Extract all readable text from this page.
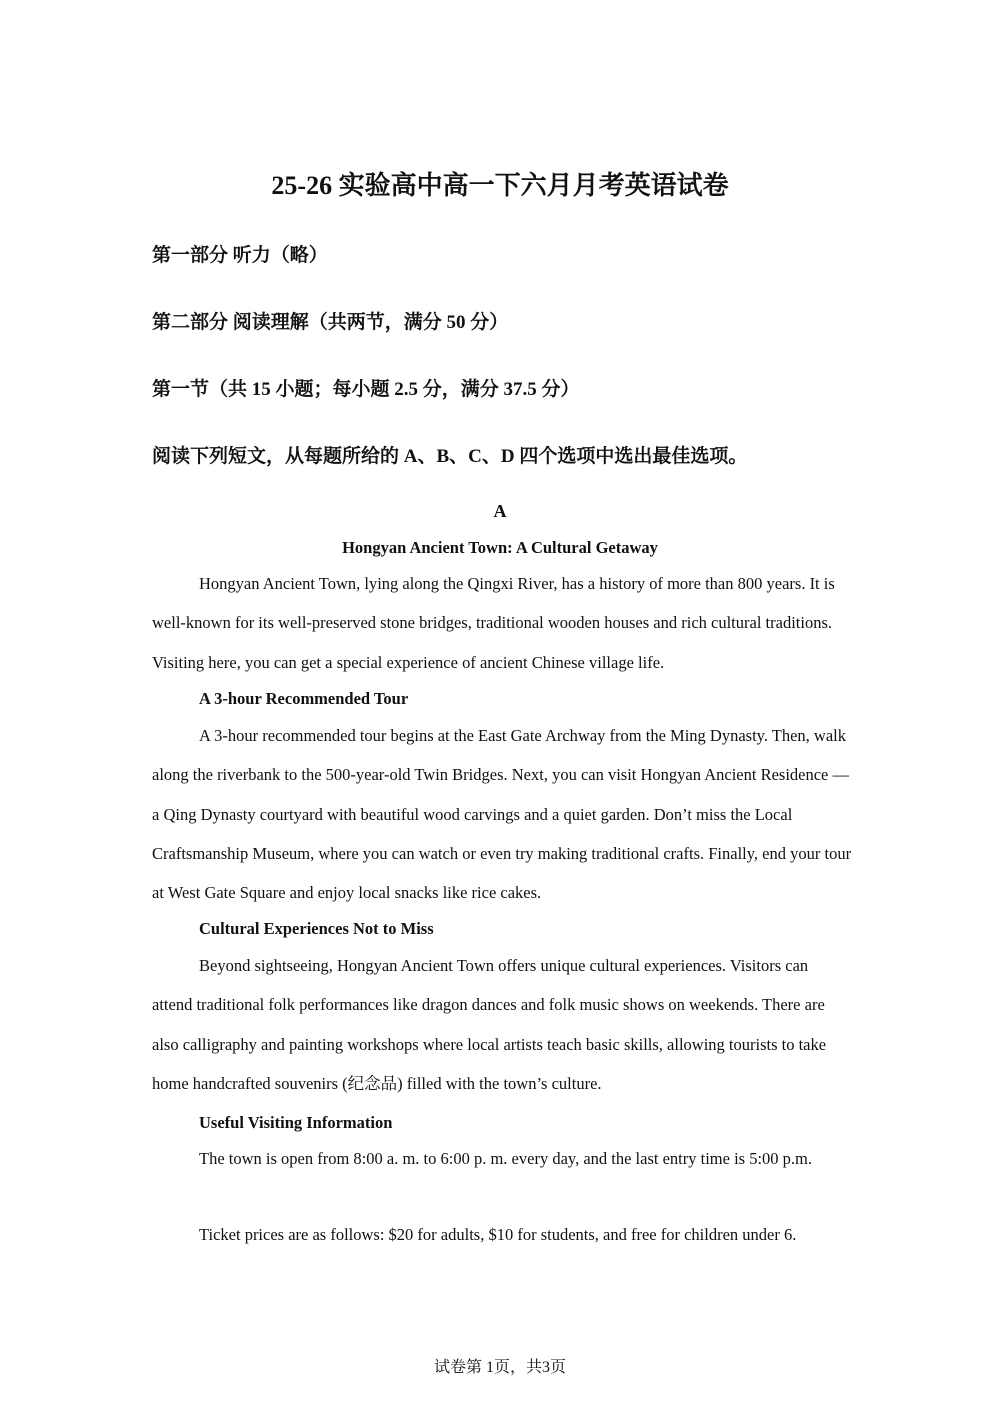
25-26 实验高中高一下六月月考英语试卷

第一部分 听力（略）

第二部分 阅读理解（共两节，满分 50 分）

第一节（共 15 小题；每小题 2.5 分，满分 37.5 分）

阅读下列短文，从每题所给的 A、B、C、D 四个选项中选出最佳选项。

A

Hongyan Ancient Town: A Cultural Getaway

Hongyan Ancient Town, lying along the Qingxi River, has a history of more than 800 years. It is well-known for its well-preserved stone bridges, traditional wooden houses and rich cultural traditions. Visiting here, you can get a special experience of ancient Chinese village life.

A 3-hour Recommended Tour

A 3-hour recommended tour begins at the East Gate Archway from the Ming Dynasty. Then, walk along the riverbank to the 500-year-old Twin Bridges. Next, you can visit Hongyan Ancient Residence — a Qing Dynasty courtyard with beautiful wood carvings and a quiet garden. Don’t miss the Local Craftsmanship Museum, where you can watch or even try making traditional crafts. Finally, end your tour at West Gate Square and enjoy local snacks like rice cakes.

Cultural Experiences Not to Miss

Beyond sightseeing, Hongyan Ancient Town offers unique cultural experiences. Visitors can attend traditional folk performances like dragon dances and folk music shows on weekends. There are also calligraphy and painting workshops where local artists teach basic skills, allowing tourists to take home handcrafted souvenirs (纪念品) filled with the town’s culture.

Useful Visiting Information

The town is open from 8:00 a. m. to 6:00 p. m. every day, and the last entry time is 5:00 p.m.

Ticket prices are as follows: $20 for adults, $10 for students, and free for children under 6.

试卷第 1页，共3页
